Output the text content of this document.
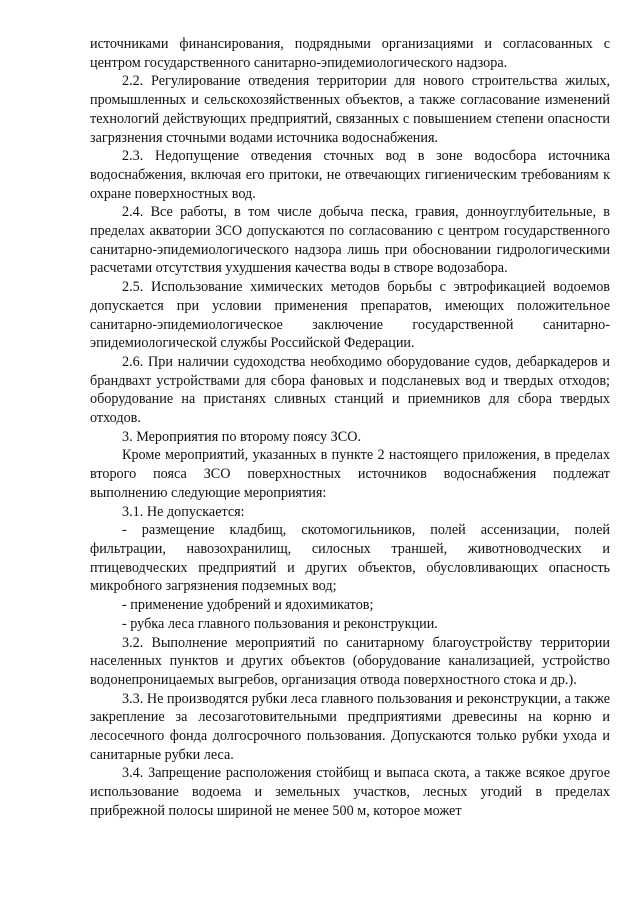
источниками финансирования, подрядными организациями и согласованных с центром государственного санитарно-эпидемиологического надзора.

2.2. Регулирование отведения территории для нового строительства жилых, промышленных и сельскохозяйственных объектов, а также согласование изменений технологий действующих предприятий, связанных с повышением степени опасности загрязнения сточными водами источника водоснабжения.

2.3. Недопущение отведения сточных вод в зоне водосбора источника водоснабжения, включая его притоки, не отвечающих гигиеническим требованиям к охране поверхностных вод.

2.4. Все работы, в том числе добыча песка, гравия, донноуглубительные, в пределах акватории ЗСО допускаются по согласованию с центром государственного санитарно-эпидемиологического надзора лишь при обосновании гидрологическими расчетами отсутствия ухудшения качества воды в створе водозабора.

2.5. Использование химических методов борьбы с эвтрофикацией водоемов допускается при условии применения препаратов, имеющих положительное санитарно-эпидемиологическое заключение государственной санитарно-эпидемиологической службы Российской Федерации.

2.6. При наличии судоходства необходимо оборудование судов, дебаркадеров и брандвахт устройствами для сбора фановых и подсланевых вод и твердых отходов; оборудование на пристанях сливных станций и приемников для сбора твердых отходов.

3. Мероприятия по второму поясу ЗСО.

Кроме мероприятий, указанных в пункте 2 настоящего приложения, в пределах второго пояса ЗСО поверхностных источников водоснабжения подлежат выполнению следующие мероприятия:

3.1. Не допускается:

- размещение кладбищ, скотомогильников, полей ассенизации, полей фильтрации, навозохранилищ, силосных траншей, животноводческих и птицеводческих предприятий и других объектов, обусловливающих опасность микробного загрязнения подземных вод;

- применение удобрений и ядохимикатов;

- рубка леса главного пользования и реконструкции.

3.2. Выполнение мероприятий по санитарному благоустройству территории населенных пунктов и других объектов (оборудование канализацией, устройство водонепроницаемых выгребов, организация отвода поверхностного стока и др.).

3.3. Не производятся рубки леса главного пользования и реконструкции, а также закрепление за лесозаготовительными предприятиями древесины на корню и лесосечного фонда долгосрочного пользования. Допускаются только рубки ухода и санитарные рубки леса.

3.4. Запрещение расположения стойбищ и выпаса скота, а также всякое другое использование водоема и земельных участков, лесных угодий в пределах прибрежной полосы шириной не менее 500 м, которое может
